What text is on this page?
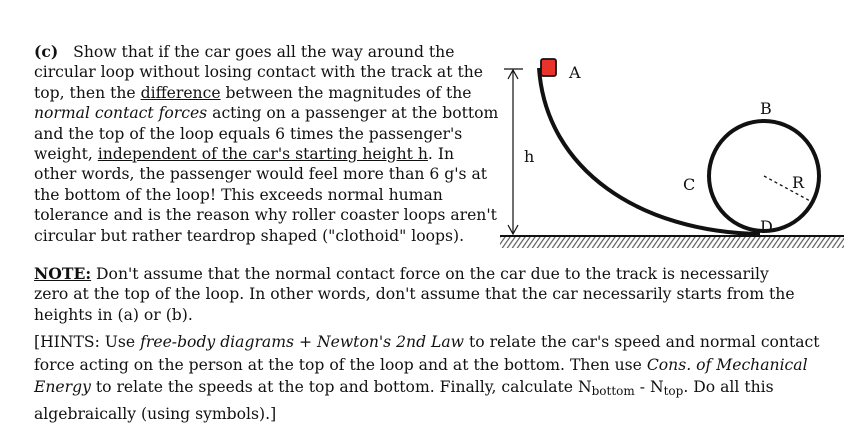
(c) Show that if the car goes all the way around the
circular loop without losing contact with the track at the
top, then the difference between the magnitudes of the
normal contact forces acting on a passenger at the bottom
and the top of the loop equals 6 times the passenger's
weight, independent of the car's starting height h. In
other words, the passenger would feel more than 6 g's at
the bottom of the loop! This exceeds normal human
tolerance and is the reason why roller coaster loops aren't
circular but rather teardrop shaped ("clothoid" loops).

NOTE: Don't assume that the normal contact force on the car due to the track is necessarily
zero at the top of the loop. In other words, don't assume that the car necessarily starts from the
heights in (a) or (b).

[HINTS: Use free-body diagrams + Newton's 2nd Law to relate the car's speed and normal contact
force acting on the person at the top of the loop and at the bottom. Then use Cons. of Mechanical
Energy to relate the speeds at the top and bottom. Finally, calculate $N_{bottom} - N_{top}$. Do all this
algebraically (using symbols).]

A
B
C
D
R
h
